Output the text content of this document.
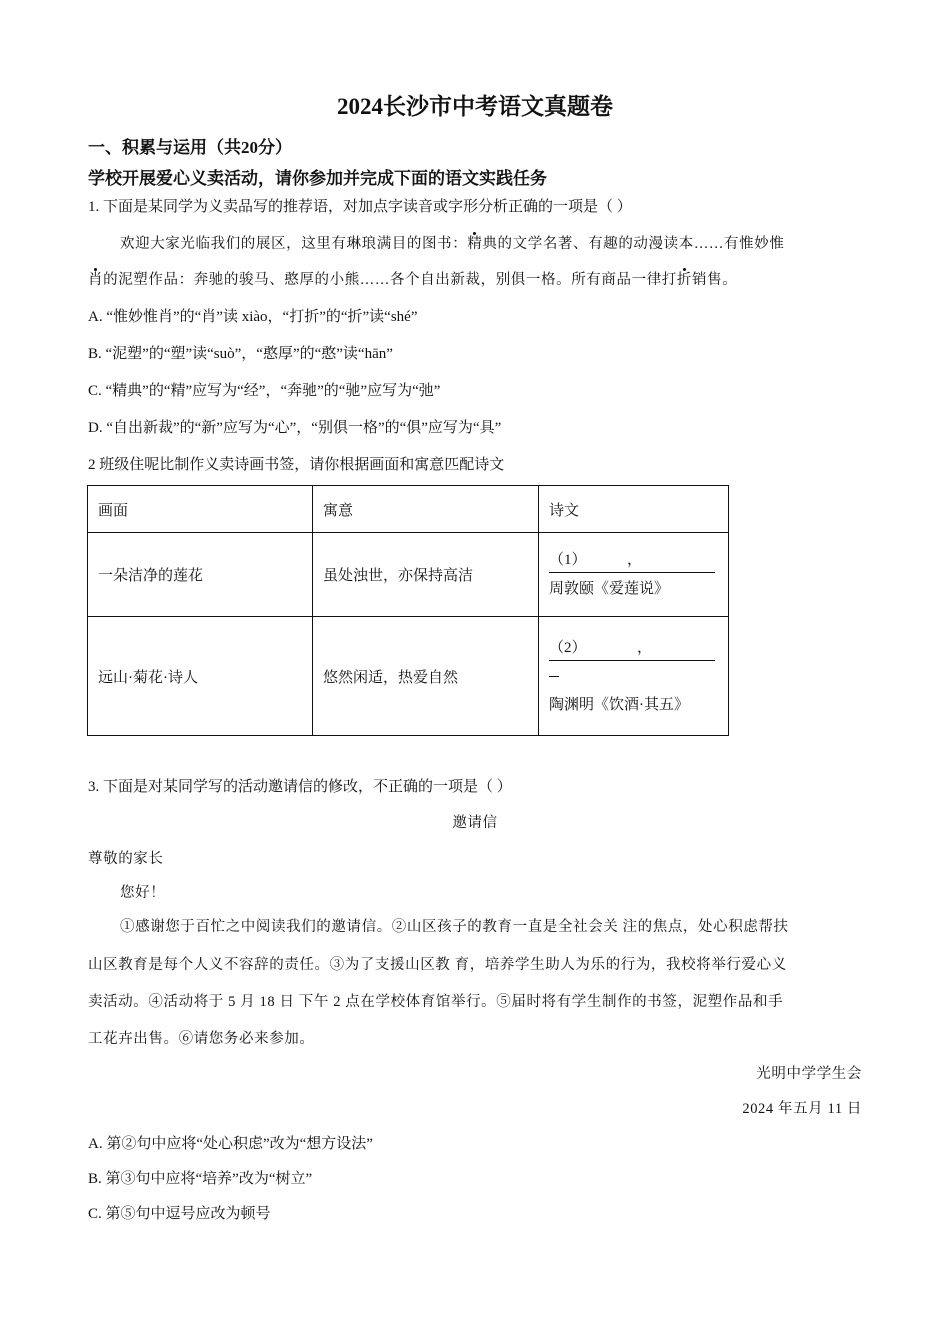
2024长沙市中考语文真题卷
一、积累与运用（共20分）
学校开展爱心义卖活动，请你参加并完成下面的语文实践任务
1. 下面是某同学为义卖品写的推荐语，对加点字读音或字形分析正确的一项是（ ）
欢迎大家光临我们的展区，这里有琳琅满目的图书：精典的文学名著、有趣的动漫读本……有惟妙惟
肖的泥塑作品：奔驰的骏马、憨厚的小熊……各个自出新裁，别俱一格。所有商品一律打折销售。
A. “惟妙惟肖”的“肖”读 xiào，“打折”的“折”读“shé”
B. “泥塑”的“塑”读“suò”，“憨厚”的“憨”读“hān”
C. “精典”的“精”应写为“经”，“奔驰”的“驰”应写为“弛”
D. “自出新裁”的“新”应写为“心”，“别俱一格”的“俱”应写为“具”
2 班级住呢比制作义卖诗画书签，请你根据画面和寓意匹配诗文
画面	寓意	诗文
一朵洁净的莲花	虽处浊世，亦保持高洁	（1） ，
周敦颐《爱莲说》

远山·菊花·诗人	悠然闲适，热爱自然	（2） ，
陶渊明《饮酒·其五》
3. 下面是对某同学写的活动邀请信的修改，不正确的一项是（ ）
邀请信
尊敬的家长
您好！
①感谢您于百忙之中阅读我们的邀请信。②山区孩子的教育一直是全社会关 注的焦点，处心积虑帮扶
山区教育是每个人义不容辞的责任。③为了支援山区教 育，培养学生助人为乐的行为，我校将举行爱心义
卖活动。④活动将于 5 月 18 日 下午 2 点在学校体育馆举行。⑤届时将有学生制作的书签，泥塑作品和手
工花卉出售。⑥请您务必来参加。
光明中学学生会
2024 年五月 11 日
A. 第②句中应将“处心积虑”改为“想方设法”
B. 第③句中应将“培养”改为“树立”
C. 第⑤句中逗号应改为顿号
